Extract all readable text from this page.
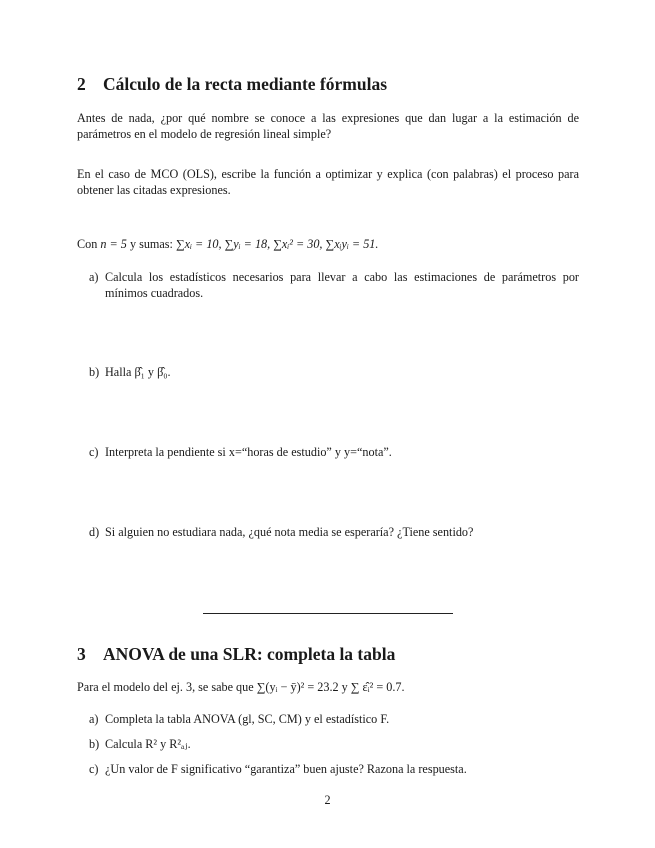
2 Cálculo de la recta mediante fórmulas
Antes de nada, ¿por qué nombre se conoce a las expresiones que dan lugar a la estimación de parámetros en el modelo de regresión lineal simple?
En el caso de MCO (OLS), escribe la función a optimizar y explica (con palabras) el proceso para obtener las citadas expresiones.
Con n = 5 y sumas: ∑xᵢ = 10, ∑yᵢ = 18, ∑xᵢ² = 30, ∑xᵢyᵢ = 51.
a) Calcula los estadísticos necesarios para llevar a cabo las estimaciones de parámetros por mínimos cuadrados.
b) Halla β̂₁ y β̂₀.
c) Interpreta la pendiente si x=“horas de estudio” y y=“nota”.
d) Si alguien no estudiara nada, ¿qué nota media se esperaría? ¿Tiene sentido?
3 ANOVA de una SLR: completa la tabla
Para el modelo del ej. 3, se sabe que ∑(yᵢ − ȳ)² = 23.2 y ∑ ε̂ᵢ² = 0.7.
a) Completa la tabla ANOVA (gl, SC, CM) y el estadístico F.
b) Calcula R² y R²ₐⱼ.
c) ¿Un valor de F significativo “garantiza” buen ajuste? Razona la respuesta.
2
